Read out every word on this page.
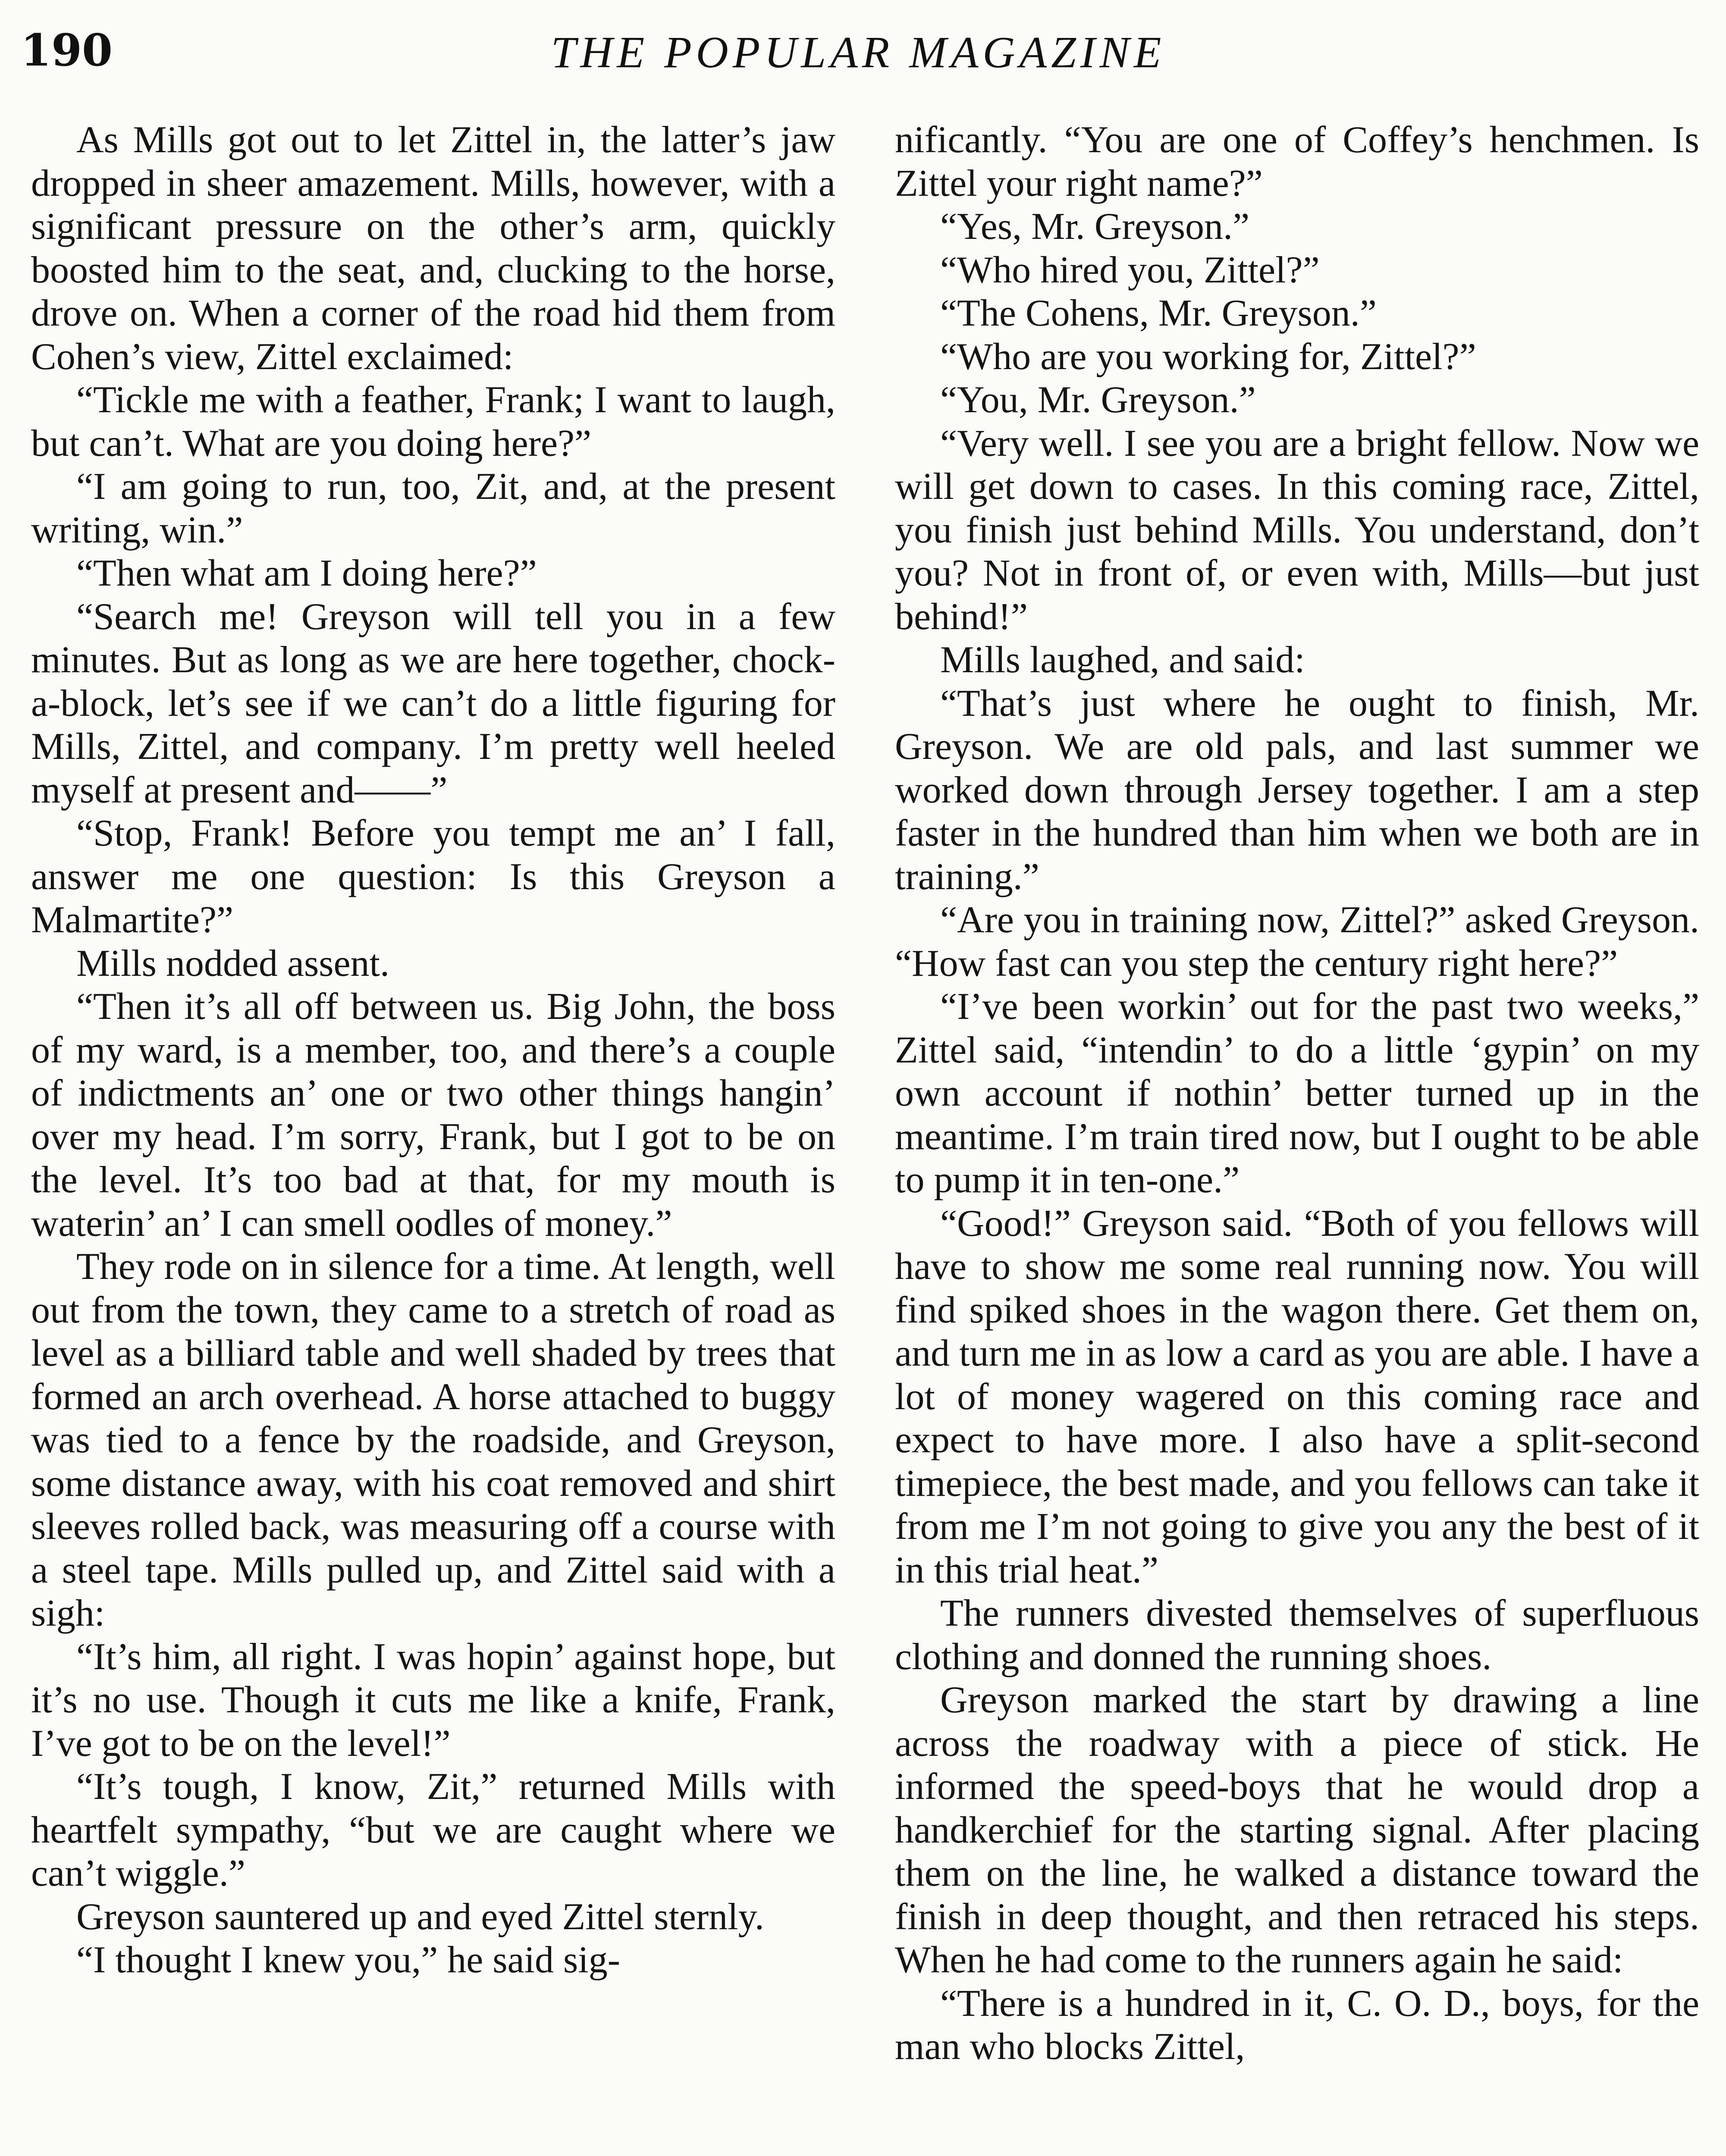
190	THE POPULAR MAGAZINE

As Mills got out to let Zittel in, the latter’s jaw dropped in sheer amazement. Mills, however, with a significant pressure on the other’s arm, quickly boosted him to the seat, and, clucking to the horse, drove on. When a corner of the road hid them from Cohen’s view, Zittel exclaimed:

“Tickle me with a feather, Frank; I want to laugh, but can’t. What are you doing here?”

“I am going to run, too, Zit, and, at the present writing, win.”

“Then what am I doing here?”

“Search me! Greyson will tell you in a few minutes. But as long as we are here together, chock-a-block, let’s see if we can’t do a little figuring for Mills, Zittel, and company. I’m pretty well heeled myself at present and——”

“Stop, Frank! Before you tempt me an’ I fall, answer me one question: Is this Greyson a Malmartite?”

Mills nodded assent.

“Then it’s all off between us. Big John, the boss of my ward, is a member, too, and there’s a couple of indictments an’ one or two other things hangin’ over my head. I’m sorry, Frank, but I got to be on the level. It’s too bad at that, for my mouth is waterin’ an’ I can smell oodles of money.”

They rode on in silence for a time. At length, well out from the town, they came to a stretch of road as level as a billiard table and well shaded by trees that formed an arch overhead. A horse attached to buggy was tied to a fence by the roadside, and Greyson, some distance away, with his coat removed and shirt sleeves rolled back, was measuring off a course with a steel tape. Mills pulled up, and Zittel said with a sigh:

“It’s him, all right. I was hopin’ against hope, but it’s no use. Though it cuts me like a knife, Frank, I’ve got to be on the level!”

“It’s tough, I know, Zit,” returned Mills with heartfelt sympathy, “but we are caught where we can’t wiggle.”

Greyson sauntered up and eyed Zittel sternly.

“I thought I knew you,” he said sig-

nificantly. “You are one of Coffey’s henchmen. Is Zittel your right name?”

“Yes, Mr. Greyson.”

“Who hired you, Zittel?”

“The Cohens, Mr. Greyson.”

“Who are you working for, Zittel?”

“You, Mr. Greyson.”

“Very well. I see you are a bright fellow. Now we will get down to cases. In this coming race, Zittel, you finish just behind Mills. You understand, don’t you? Not in front of, or even with, Mills—but just behind!”

Mills laughed, and said:

“That’s just where he ought to finish, Mr. Greyson. We are old pals, and last summer we worked down through Jersey together. I am a step faster in the hundred than him when we both are in training.”

“Are you in training now, Zittel?” asked Greyson. “How fast can you step the century right here?”

“I’ve been workin’ out for the past two weeks,” Zittel said, “intendin’ to do a little ‘gypin’ on my own account if nothin’ better turned up in the meantime. I’m train tired now, but I ought to be able to pump it in ten-one.”

“Good!” Greyson said. “Both of you fellows will have to show me some real running now. You will find spiked shoes in the wagon there. Get them on, and turn me in as low a card as you are able. I have a lot of money wagered on this coming race and expect to have more. I also have a split-second timepiece, the best made, and you fellows can take it from me I’m not going to give you any the best of it in this trial heat.”

The runners divested themselves of superfluous clothing and donned the running shoes.

Greyson marked the start by drawing a line across the roadway with a piece of stick. He informed the speed-boys that he would drop a handkerchief for the starting signal. After placing them on the line, he walked a distance toward the finish in deep thought, and then retraced his steps. When he had come to the runners again he said:

“There is a hundred in it, C. O. D., boys, for the man who blocks Zittel,
